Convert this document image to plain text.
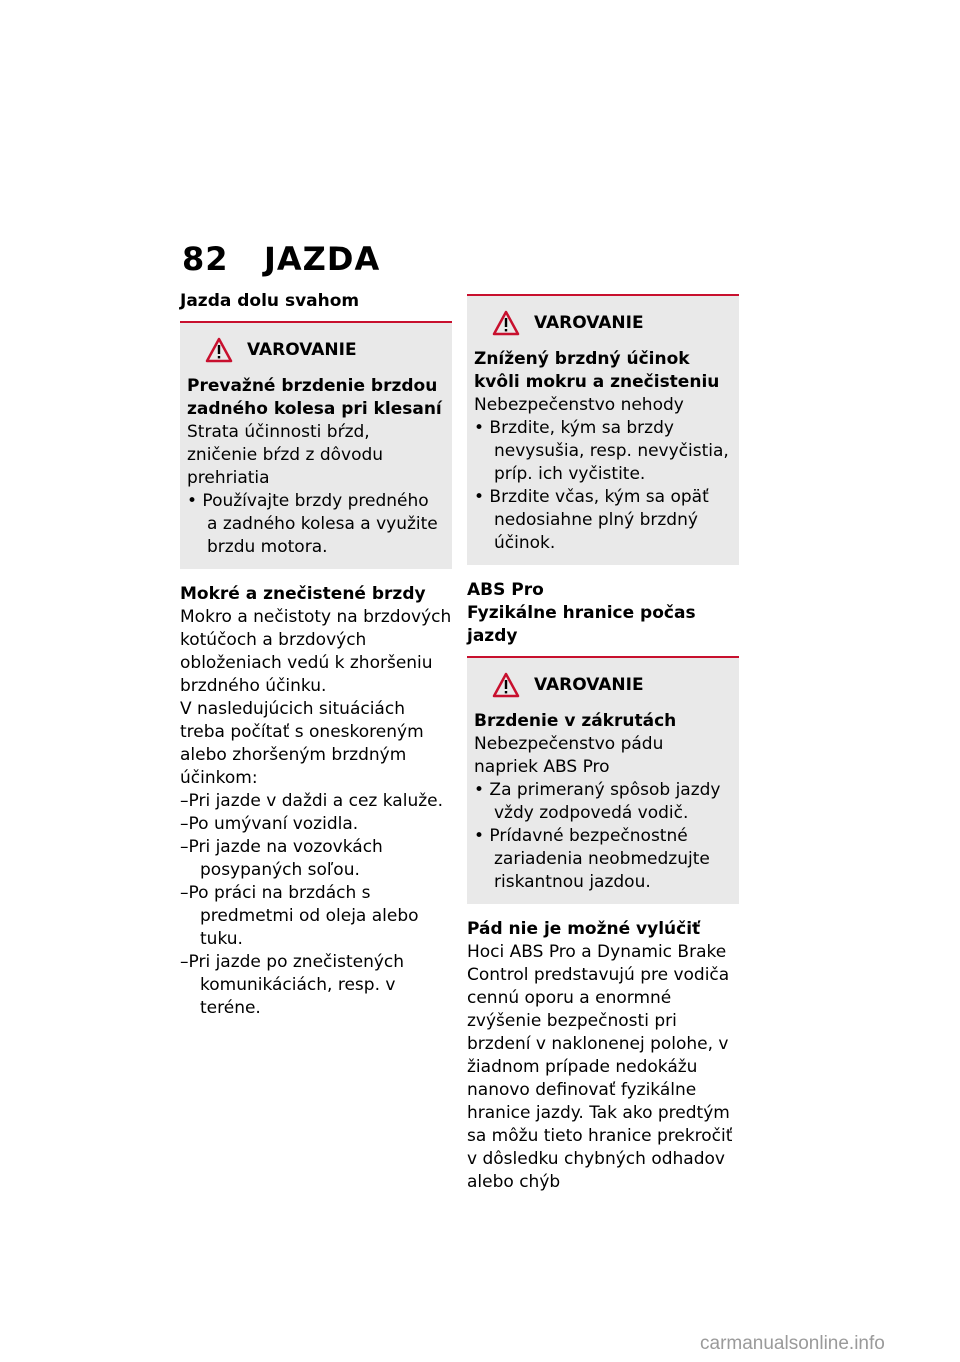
82 JAZDA
Jazda dolu svahom
VAROVANIE
Prevažné brzdenie brzdou zadného kolesa pri klesaní
Strata účinnosti bŕzd, zničenie bŕzd z dôvodu prehriatia
• Používajte brzdy predného a zadného kolesa a využite brzdu motora.
Mokré a znečistené brzdy
Mokro a nečistoty na brzdových kotúčoch a brzdových obloženiach vedú k zhoršeniu brzdného účinku.
V nasledujúcich situáciách treba počítať s oneskoreným alebo zhoršeným brzdným účinkom:
–Pri jazde v daždi a cez kaluže.
–Po umývaní vozidla.
–Pri jazde na vozovkách posypaných soľou.
–Po práci na brzdách s predmetmi od oleja alebo tuku.
–Pri jazde po znečistených komunikáciách, resp. v teréne.
VAROVANIE
Znížený brzdný účinok kvôli mokru a znečisteniu
Nebezpečenstvo nehody
• Brzdite, kým sa brzdy nevysušia, resp. nevyčistia, príp. ich vyčistite.
• Brzdite včas, kým sa opäť nedosiahne plný brzdný účinok.
ABS Pro
Fyzikálne hranice počas jazdy
VAROVANIE
Brzdenie v zákrutách
Nebezpečenstvo pádu napriek ABS Pro
• Za primeraný spôsob jazdy vždy zodpovedá vodič.
• Prídavné bezpečnostné zariadenia neobmedzujte riskantnou jazdou.
Pád nie je možné vylúčiť
Hoci ABS Pro a Dynamic Brake Control predstavujú pre vodiča cennú oporu a enormné zvýšenie bezpečnosti pri brzdení v naklonenej polohe, v žiadnom prípade nedokážu nanovo definovať fyzikálne hranice jazdy. Tak ako predtým sa môžu tieto hranice prekročiť v dôsledku chybných odhadov alebo chýb
carmanualsonline.info
